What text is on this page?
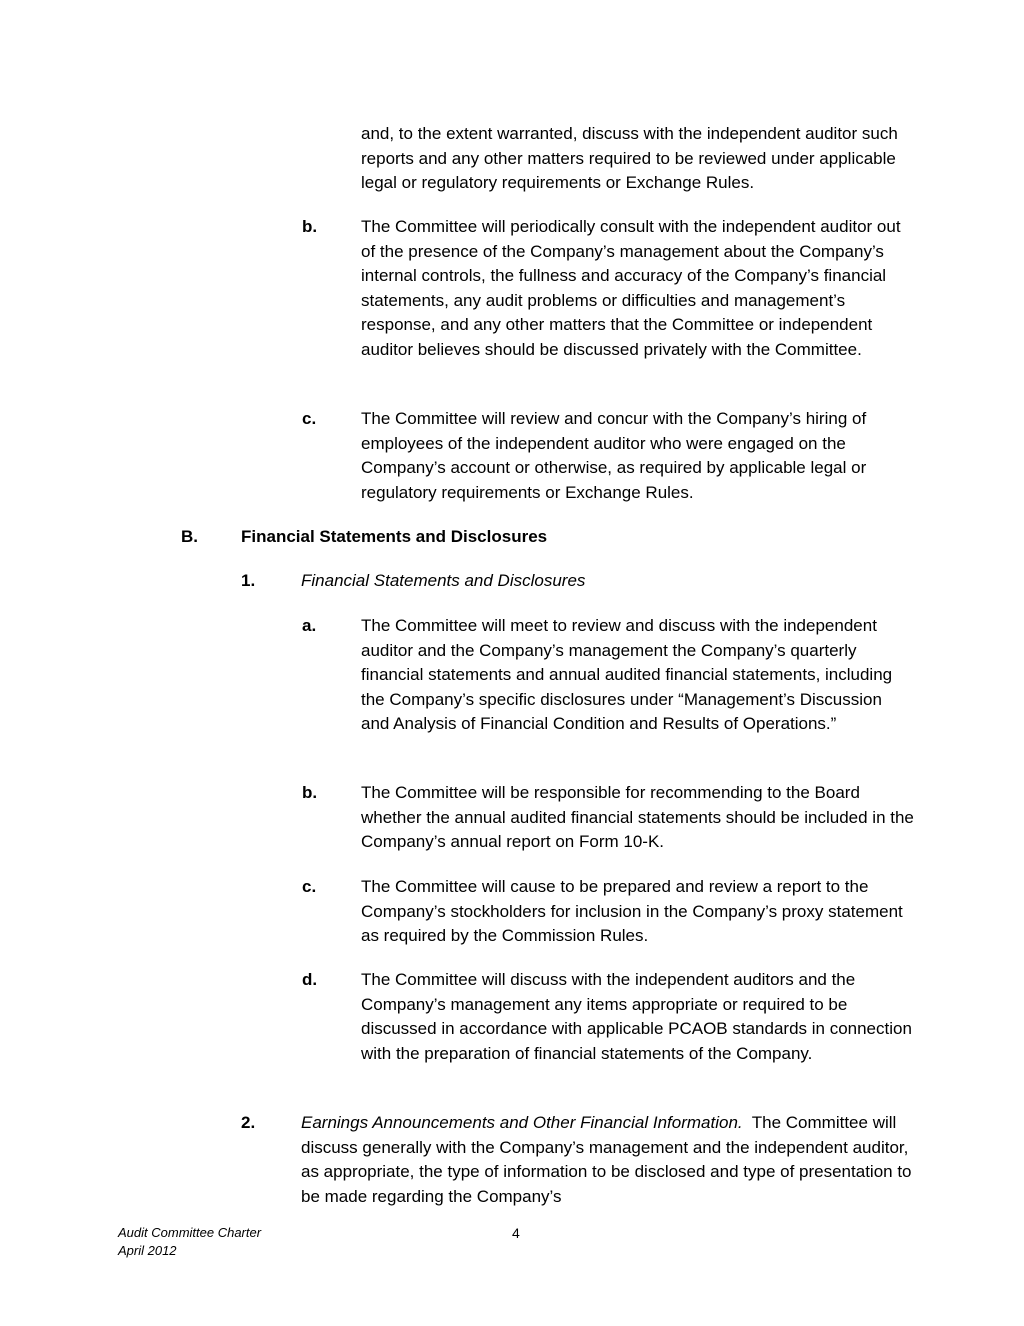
and, to the extent warranted, discuss with the independent auditor such reports and any other matters required to be reviewed under applicable legal or regulatory requirements or Exchange Rules.

b.	The Committee will periodically consult with the independent auditor out of the presence of the Company’s management about the Company’s internal controls, the fullness and accuracy of the Company’s financial statements, any audit problems or difficulties and management’s response, and any other matters that the Committee or independent auditor believes should be discussed privately with the Committee.

c.	The Committee will review and concur with the Company’s hiring of employees of the independent auditor who were engaged on the Company’s account or otherwise, as required by applicable legal or regulatory requirements or Exchange Rules.

B.	Financial Statements and Disclosures

1.	Financial Statements and Disclosures

a.	The Committee will meet to review and discuss with the independent auditor and the Company’s management the Company’s quarterly financial statements and annual audited financial statements, including the Company’s specific disclosures under “Management’s Discussion and Analysis of Financial Condition and Results of Operations.”

b.	The Committee will be responsible for recommending to the Board whether the annual audited financial statements should be included in the Company’s annual report on Form 10-K.

c.	The Committee will cause to be prepared and review a report to the Company’s stockholders for inclusion in the Company’s proxy statement as required by the Commission Rules.

d.	The Committee will discuss with the independent auditors and the Company’s management any items appropriate or required to be discussed in accordance with applicable PCAOB standards in connection with the preparation of financial statements of the Company.

2.	Earnings Announcements and Other Financial Information. The Committee will discuss generally with the Company’s management and the independent auditor, as appropriate, the type of information to be disclosed and type of presentation to be made regarding the Company’s

Audit Committee Charter
April 2012
4
